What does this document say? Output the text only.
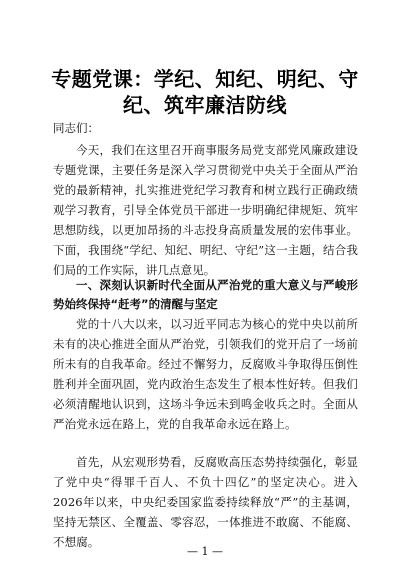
专题党课：学纪、知纪、明纪、守纪、筑牢廉洁防线
同志们：
今天，我们在这里召开商事服务局党支部党风廉政建设专题党课，主要任务是深入学习贯彻党中央关于全面从严治党的最新精神，扎实推进党纪学习教育和树立践行正确政绩观学习教育，引导全体党员干部进一步明确纪律规矩、筑牢思想防线，以更加昂扬的斗志投身高质量发展的宏伟事业。下面，我围绕“学纪、知纪、明纪、守纪”这一主题，结合我们局的工作实际，讲几点意见。
一、深刻认识新时代全面从严治党的重大意义与严峻形势始终保持“赶考”的清醒与坚定
党的十八大以来，以习近平同志为核心的党中央以前所未有的决心推进全面从严治党，引领我们的党开启了一场前所未有的自我革命。经过不懈努力，反腐败斗争取得压倒性胜利并全面巩固，党内政治生态发生了根本性好转。但我们必须清醒地认识到，这场斗争远未到鸣金收兵之时。全面从严治党永远在路上，党的自我革命永远在路上。
首先，从宏观形势看，反腐败高压态势持续强化，彰显了党中央“得罪千百人、不负十四亿”的坚定决心。进入　2026年以来，中央纪委国家监委持续释放“严”的主基调，坚持无禁区、全覆盖、零容忍，一体推进不敢腐、不能腐、不想腐。
— 1 —
